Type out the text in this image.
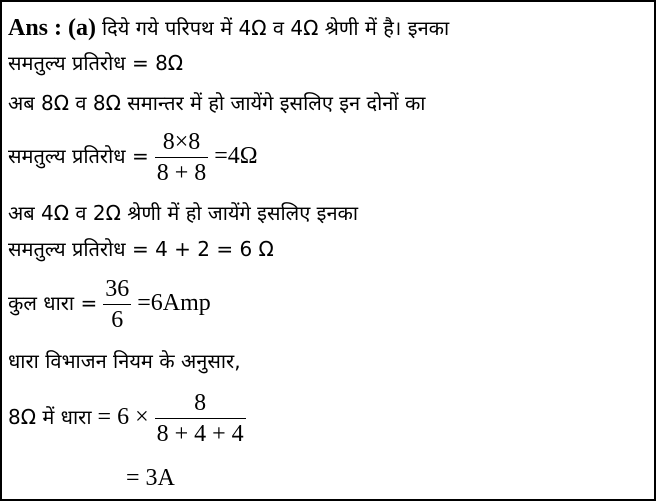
Ans : (a) दिये गये परिपथ में 4Ω व 4Ω श्रेणी में है। इनका
समतुल्य प्रतिरोध = 8Ω
अब 8Ω व 8Ω समान्तर में हो जायेंगे इसलिए इन दोनों का
समतुल्य प्रतिरोध = $\frac{8\times 8}{8 + 8} =4\Omega$
अब 4Ω व 2Ω श्रेणी में हो जायेंगे इसलिए इनका
समतुल्य प्रतिरोध = 4 + 2 = 6 Ω
कुल धारा = $\frac{36}{6} =6Amp$
धारा विभाजन नियम के अनुसार,
8Ω में धारा = $6 \times \frac{8}{8 + 4 + 4}$
= 3A
